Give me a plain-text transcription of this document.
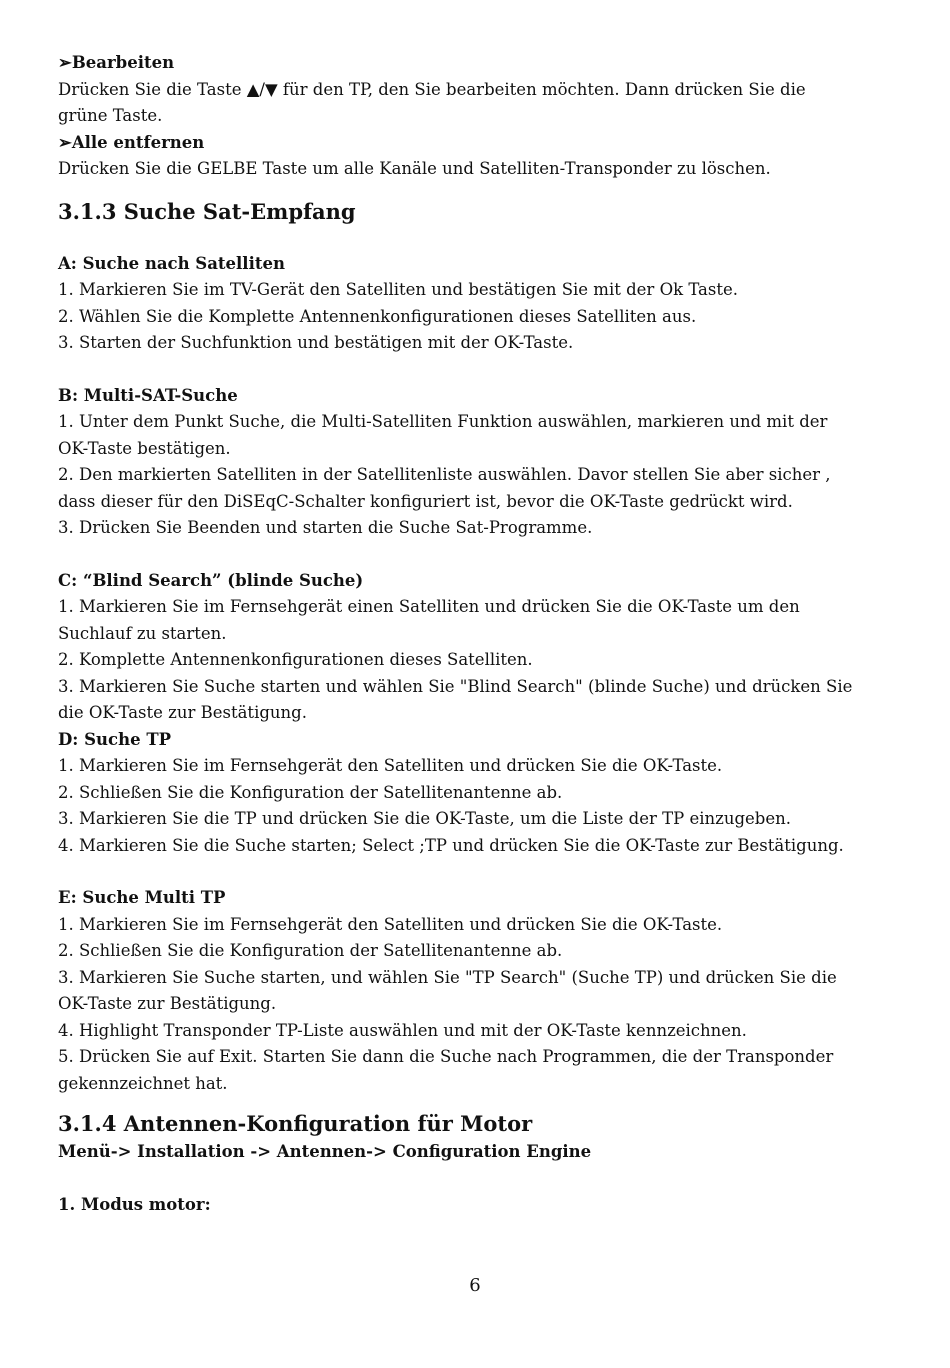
➢Bearbeiten

Drücken Sie die Taste ▲/▼ für den TP, den Sie bearbeiten möchten. Dann drücken Sie die grüne Taste.

➢Alle entfernen

Drücken Sie die GELBE Taste um alle Kanäle und Satelliten-Transponder zu löschen.

3.1.3 Suche Sat-Empfang

A: Suche nach Satelliten

1. Markieren Sie im TV-Gerät den Satelliten und bestätigen Sie mit der Ok Taste.

2. Wählen Sie die Komplette Antennenkonfigurationen dieses Satelliten aus.

3. Starten der Suchfunktion und bestätigen mit der OK-Taste.

B: Multi-SAT-Suche

1. Unter dem Punkt Suche, die Multi-Satelliten Funktion auswählen, markieren und mit der OK-Taste bestätigen.

2. Den markierten Satelliten in der Satellitenliste auswählen. Davor stellen Sie aber sicher , dass dieser für den DiSEqC-Schalter konfiguriert ist, bevor die OK-Taste gedrückt wird.

3. Drücken Sie Beenden und starten die Suche Sat-Programme.

C: “Blind Search” (blinde Suche)

1. Markieren Sie im Fernsehgerät einen Satelliten und drücken Sie die OK-Taste um den Suchlauf zu starten.

2. Komplette Antennenkonfigurationen dieses Satelliten.

3. Markieren Sie Suche starten und wählen Sie "Blind Search" (blinde Suche) und drücken Sie die OK-Taste zur Bestätigung.

D: Suche TP

1. Markieren Sie im Fernsehgerät den Satelliten und drücken Sie die OK-Taste.

2. Schließen Sie die Konfiguration der Satellitenantenne ab.

3. Markieren Sie die TP und drücken Sie die OK-Taste, um die Liste der TP einzugeben.

4. Markieren Sie die Suche starten; Select ;TP und drücken Sie die OK-Taste zur Bestätigung.

E: Suche Multi TP

1. Markieren Sie im Fernsehgerät den Satelliten und drücken Sie die OK-Taste.

2. Schließen Sie die Konfiguration der Satellitenantenne ab.

3. Markieren Sie Suche starten, und wählen Sie "TP Search" (Suche TP) und drücken Sie die OK-Taste zur Bestätigung.

4. Highlight Transponder TP-Liste auswählen und mit der OK-Taste kennzeichnen.

5. Drücken Sie auf Exit. Starten Sie dann die Suche nach Programmen, die der Transponder gekennzeichnet hat.

3.1.4 Antennen-Konfiguration für Motor

Menü-> Installation -> Antennen-> Configuration Engine

1. Modus motor:

6
